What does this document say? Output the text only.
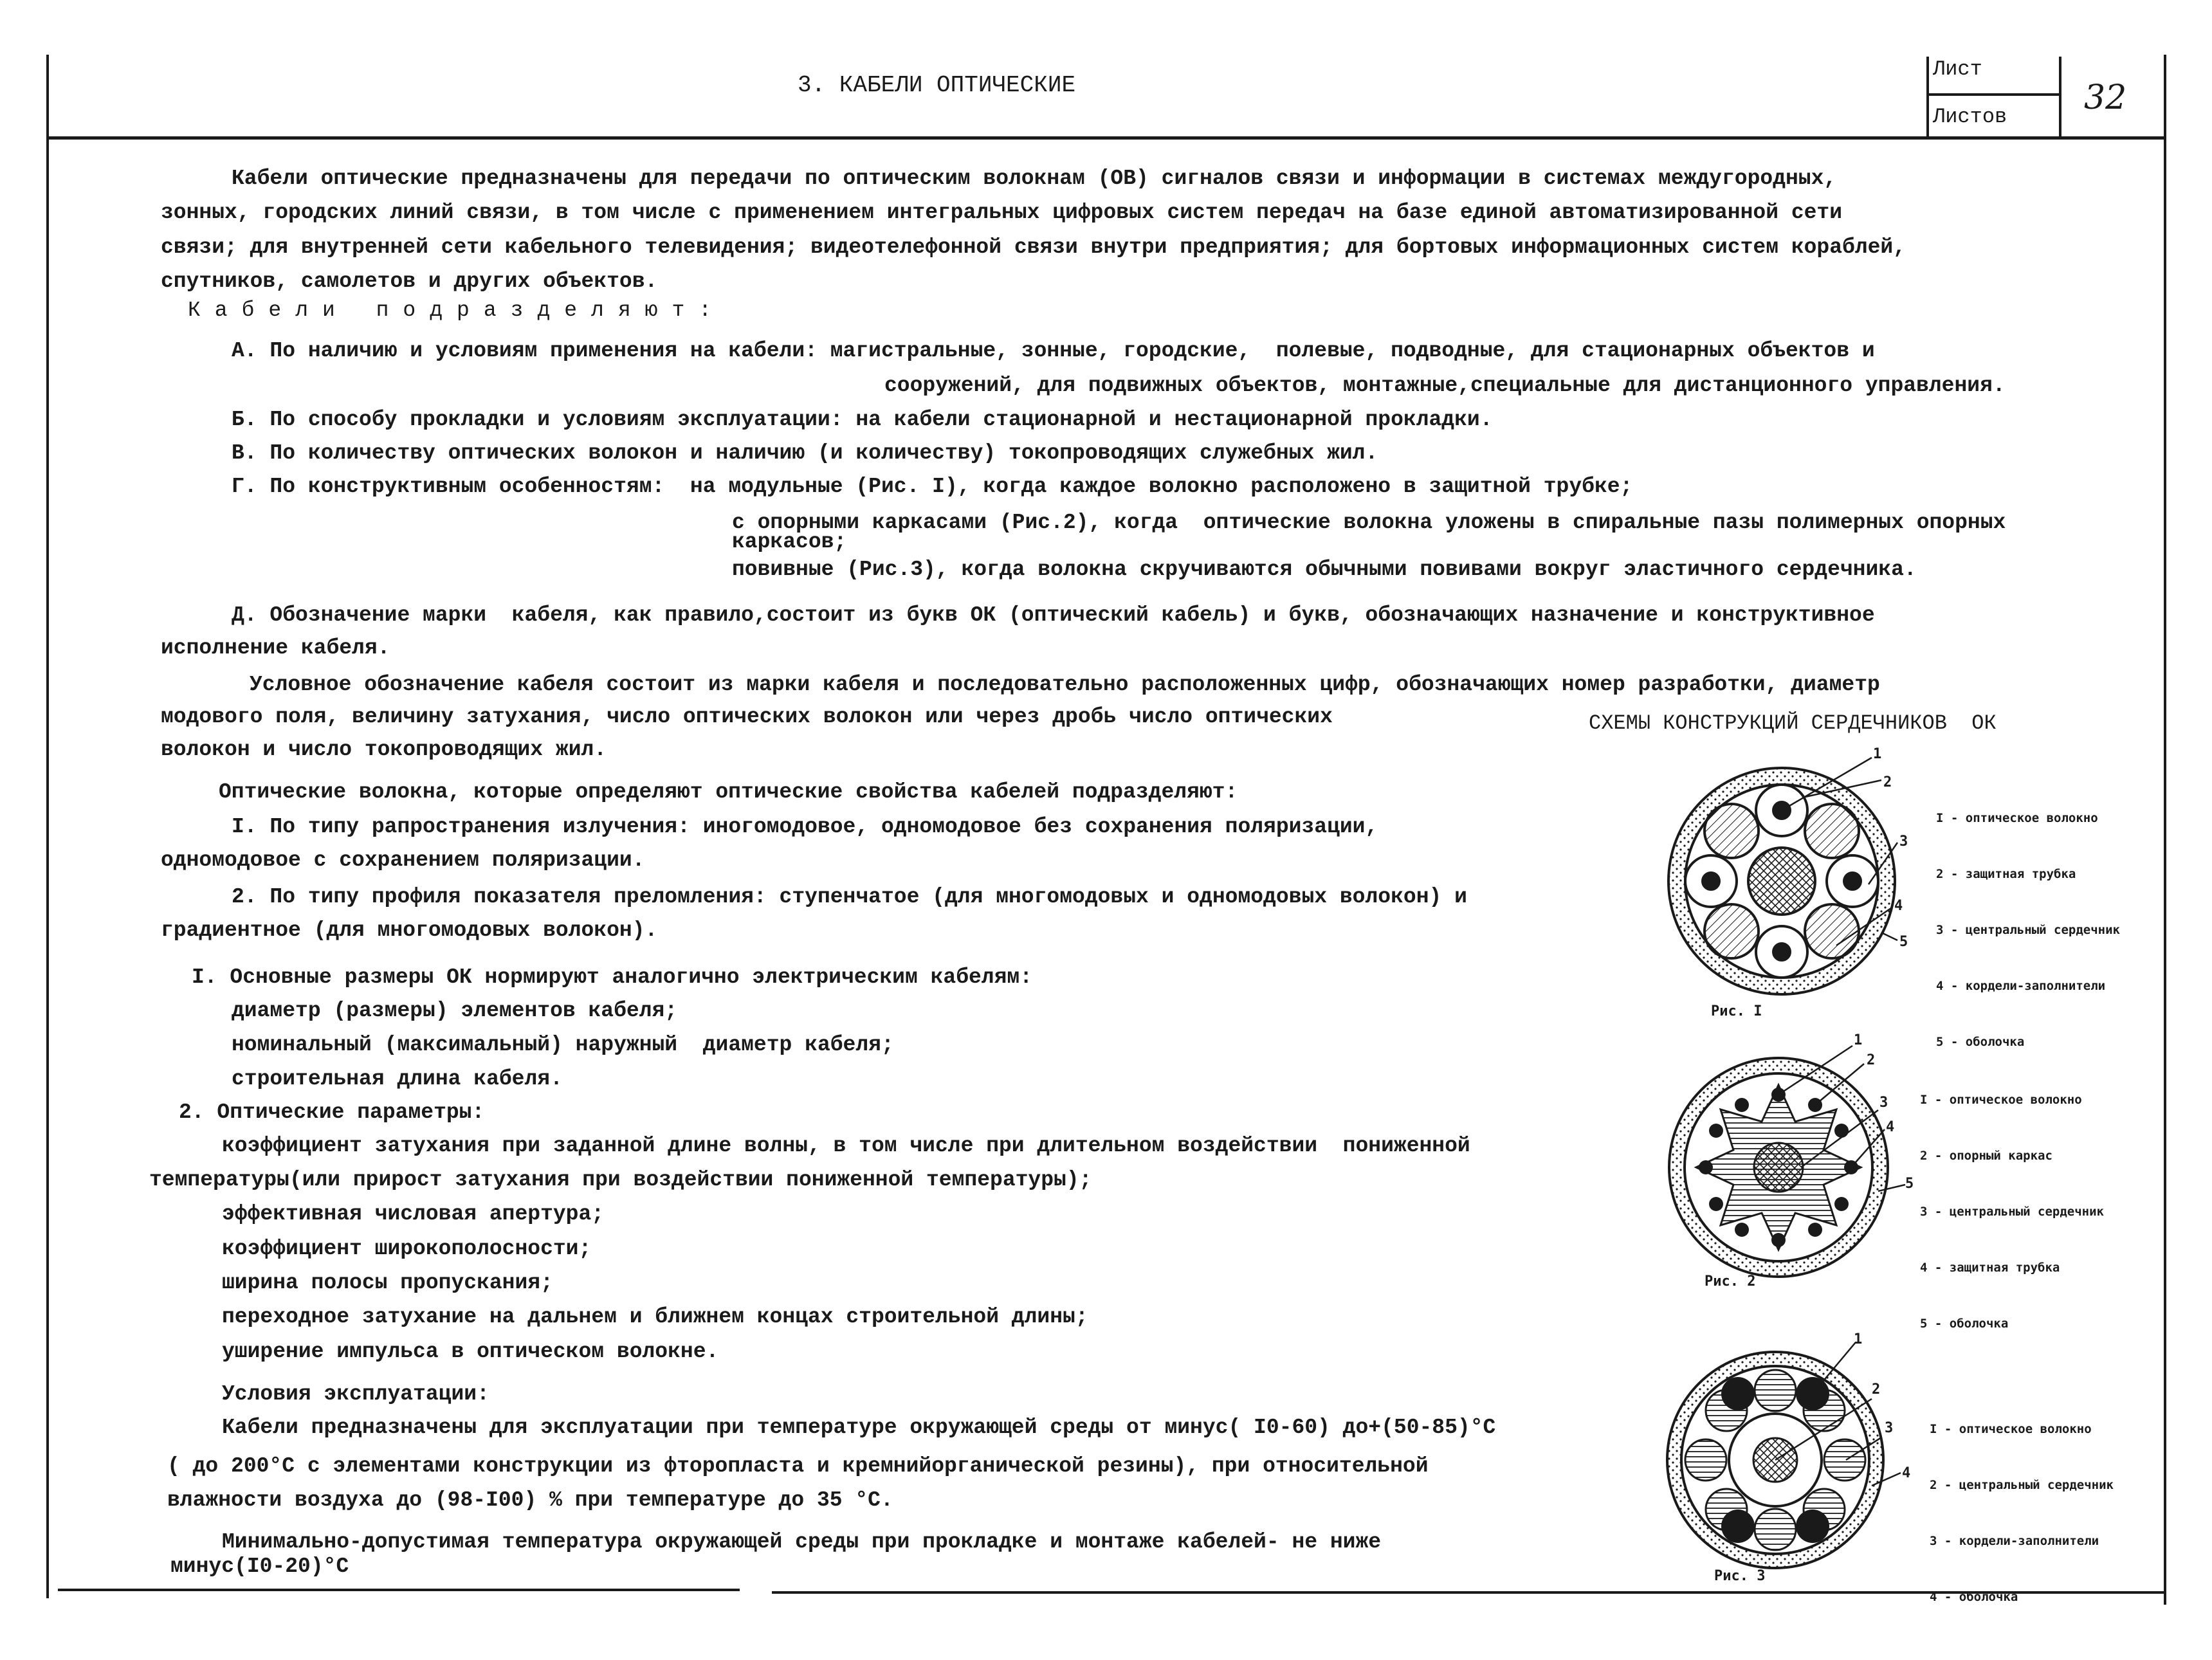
3. КАБЕЛИ ОПТИЧЕСКИЕ
Лист
Листов 32
Кабели оптические предназначены для передачи по оптическим волокнам (ОВ) сигналов связи и информации в системах междугородных,
зонных, городских линий связи, в том числе с применением интегральных цифровых систем передач на базе единой автоматизированной сети
связи; для внутренней сети кабельного телевидения; видеотелефонной связи внутри предприятия; для бортовых информационных систем кораблей,
спутников, самолетов и других объектов.
Кабели подразделяют:
А. По наличию и условиям применения на кабели: магистральные, зонные, городские,  полевые, подводные, для стационарных объектов и
сооружений, для подвижных объектов, монтажные,специальные для дистанционного управления.
Б. По способу прокладки и условиям эксплуатации: на кабели стационарной и нестационарной прокладки.
В. По количеству оптических волокон и наличию (и количеству) токопроводящих служебных жил.
Г. По конструктивным особенностям:  на модульные (Рис. I), когда каждое волокно расположено в защитной трубке;
с опорными каркасами (Рис.2), когда  оптические волокна уложены в спиральные пазы полимерных опорных
каркасов;
повивные (Рис.3), когда волокна скручиваются обычными повивами вокруг эластичного сердечника.
Д. Обозначение марки  кабеля, как правило,состоит из букв ОК (оптический кабель) и букв, обозначающих назначение и конструктивное
исполнение кабеля.
Условное обозначение кабеля состоит из марки кабеля и последовательно расположенных цифр, обозначающих номер разработки, диаметр
модового поля, величину затухания, число оптических волокон или через дробь число оптических
волокон и число токопроводящих жил.
Оптические волокна, которые определяют оптические свойства кабелей подразделяют:
I. По типу рапространения излучения: иногомодовое, одномодовое без сохранения поляризации,
одномодовое с сохранением поляризации.
2. По типу профиля показателя преломления: ступенчатое (для многомодовых и одномодовых волокон) и
градиентное (для многомодовых волокон).
I. Основные размеры ОК нормируют аналогично электрическим кабелям:
диаметр (размеры) элементов кабеля;
номинальный (максимальный) наружный  диаметр кабеля;
строительная длина кабеля.
2. Оптические параметры:
коэффициент затухания при заданной длине волны, в том числе при длительном воздействии  пониженной
температуры(или прирост затухания при воздействии пониженной температуры);
эффективная числовая апертура;
коэффициент широкополосности;
ширина полосы пропускания;
переходное затухание на дальнем и ближнем концах строительной длины;
уширение импульса в оптическом волокне.
Условия эксплуатации:
Кабели предназначены для эксплуатации при температуре окружающей среды от минус( I0-60) до+(50-85)°С
( до 200°С с элементами конструкции из фторопласта и кремнийорганической резины), при относительной
влажности воздуха до (98-I00) % при температуре до 35 °С.
Минимально-допустимая температура окружающей среды при прокладке и монтаже кабелей- не ниже
минус(I0-20)°С
СХЕМЫ КОНСТРУКЦИЙ СЕРДЕЧНИКОВ  ОК
1
2
3
4
5
Рис. I

I - оптическое волокно

2 - защитная трубка

3 - центральный сердечник

4 - кордели-заполнители

5 - оболочка

1
2
3
4
5
Рис. 2

I - оптическое волокно

2 - опорный каркас

3 - центральный сердечник

4 - защитная трубка

5 - оболочка

1
2
3
4
Рис. 3

I - оптическое волокно

2 - центральный сердечник

3 - кордели-заполнители

4 - оболочка
